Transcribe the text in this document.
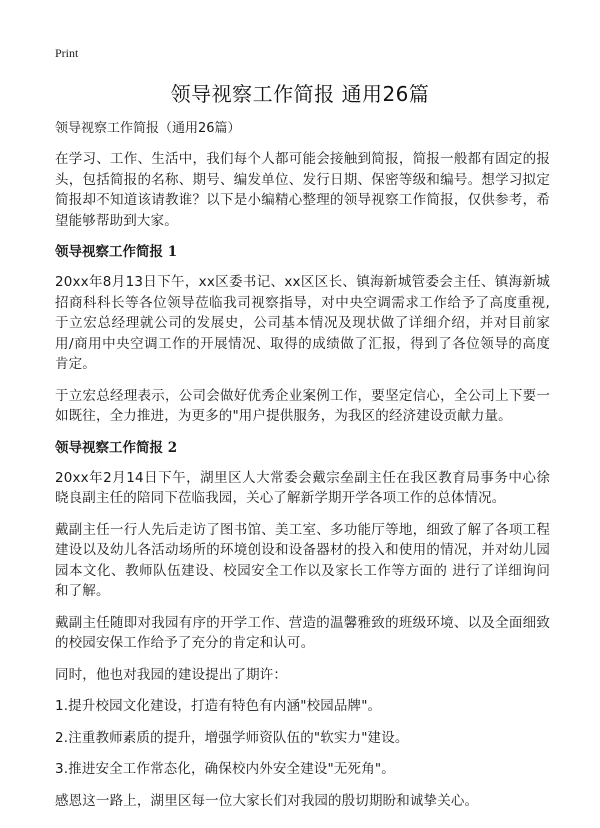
Print
领导视察工作简报 通用26篇
领导视察工作简报（通用26篇）

在学习、工作、生活中，我们每个人都可能会接触到简报，简报一般都有固定的报头，包括简报的名称、期号、编发单位、发行日期、保密等级和编号。想学习拟定简报却不知道该请教谁？以下是小编精心整理的领导视察工作简报，仅供参考，希望能够帮助到大家。

领导视察工作简报 1

20xx年8月13日下午，xx区委书记、xx区区长、镇海新城管委会主任、镇海新城招商科科长等各位领导莅临我司视察指导，对中央空调需求工作给予了高度重视,于立宏总经理就公司的发展史，公司基本情况及现状做了详细介绍，并对目前家用/商用中央空调工作的开展情况、取得的成绩做了汇报，得到了各位领导的高度肯定。

于立宏总经理表示，公司会做好优秀企业案例工作，要坚定信心，全公司上下要一如既往，全力推进，为更多的"用户提供服务，为我区的经济建设贡献力量。

领导视察工作简报 2

20xx年2月14日下午，湖里区人大常委会戴宗垒副主任在我区教育局事务中心徐晓良副主任的陪同下莅临我园，关心了解新学期开学各项工作的总体情况。

戴副主任一行人先后走访了图书馆、美工室、多功能厅等地，细致了解了各项工程建设以及幼儿各活动场所的环境创设和设备器材的投入和使用的情况，并对幼儿园园本文化、教师队伍建设、校园安全工作以及家长工作等方面的 进行了详细询问和了解。

戴副主任随即对我园有序的开学工作、营造的温馨雅致的班级环境、以及全面细致的校园安保工作给予了充分的肯定和认可。

同时，他也对我园的建设提出了期许：

1.提升校园文化建设，打造有特色有内涵"校园品牌"。

2.注重教师素质的提升，增强学师资队伍的"软实力"建设。

3.推进安全工作常态化，确保校内外安全建设"无死角"。

感恩这一路上，湖里区每一位大家长们对我园的殷切期盼和诚挚关心。
